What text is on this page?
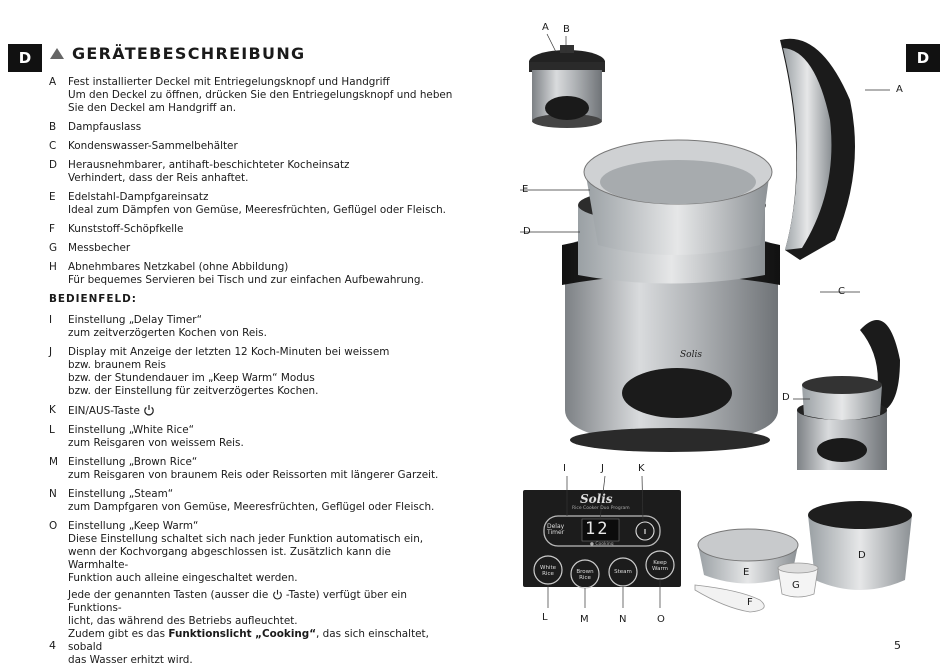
D	GERÄTEBESCHREIBUNG
A	Fest installierter Deckel mit Entriegelungsknopf und Handgriff
Um den Deckel zu öffnen, drücken Sie den Entriegelungsknopf und heben Sie den Deckel am Handgriff an.
B	Dampfauslass
C	Kondenswasser-Sammelbehälter
D	Herausnehmbarer, antihaft-beschichteter Kocheinsatz
Verhindert, dass der Reis anhaftet.
E	Edelstahl-Dampfgareinsatz
Ideal zum Dämpfen von Gemüse, Meeresfrüchten, Geflügel oder Fleisch.
F	Kunststoff-Schöpfkelle
G	Messbecher
H	Abnehmbares Netzkabel (ohne Abbildung)
Für bequemes Servieren bei Tisch und zur einfachen Aufbewahrung.
BEDIENFELD:
I	Einstellung „Delay Timer“
zum zeitverzögerten Kochen von Reis.
J	Display mit Anzeige der letzten 12 Koch-Minuten bei weissem
bzw. braunem Reis
bzw. der Stundendauer im „Keep Warm“ Modus
bzw. der Einstellung für zeitverzögertes Kochen.
K	EIN/AUS-Taste
L	Einstellung „White Rice“
zum Reisgaren von weissem Reis.
M Einstellung „Brown Rice“
zum Reisgaren von braunem Reis oder Reissorten mit längerer Garzeit.
N	Einstellung „Steam“
zum Dampfgaren von Gemüse, Meeresfrüchten, Geflügel oder Fleisch.
O	Einstellung „Keep Warm“
Diese Einstellung schaltet sich nach jeder Funktion automatisch ein,
wenn der Kochvorgang abgeschlossen ist. Zusätzlich kann die Warmhalte-
Funktion auch alleine eingeschaltet werden.
Jede der genannten Tasten (ausser die  -Taste) verfügt über ein Funktions-
licht, das während des Betriebs aufleuchtet.
Zudem gibt es das Funktionslicht „Cooking“, das sich einschaltet, sobald
das Wasser erhitzt wird.
4
D
5
Solis
A B
A
E
D
C
D
I	J	K
L	M	N	O
D
E
F
G
Solis
Rice Cooker Duo Program
Delay
Timer 12
● Cooking
White
Rice	Brown
Rice
Steam
Keep
Warm
